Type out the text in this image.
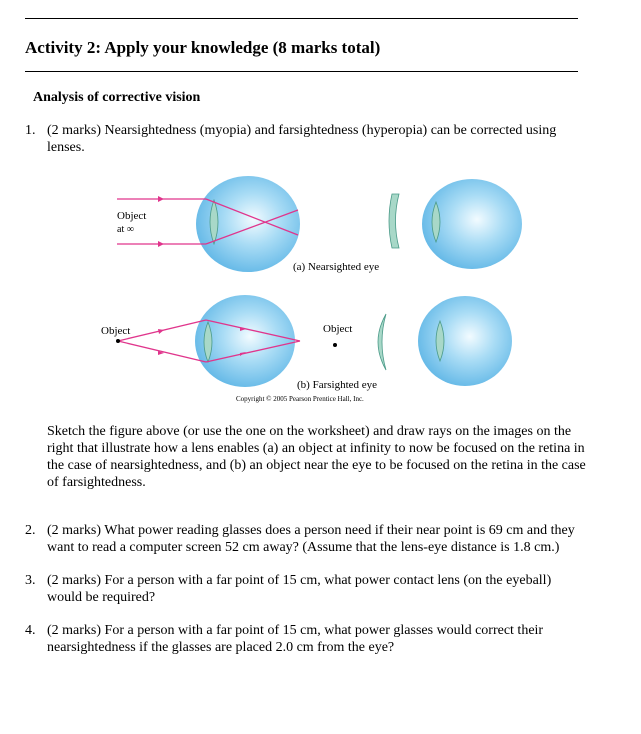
Activity 2: Apply your knowledge (8 marks total)
Analysis of corrective vision
1. (2 marks) Nearsightedness (myopia) and farsightedness (hyperopia) can be corrected using
lenses.
Object
at ∞
(a) Nearsighted eye
Object	Object
(b) Farsighted eye
Copyright © 2005 Pearson Prentice Hall, Inc.
Sketch the figure above (or use the one on the worksheet) and draw rays on the images on the
right that illustrate how a lens enables (a) an object at infinity to now be focused on the retina in
the case of nearsightedness, and (b) an object near the eye to be focused on the retina in the case
of farsightedness.
2. (2 marks) What power reading glasses does a person need if their near point is 69 cm and they
want to read a computer screen 52 cm away? (Assume that the lens-eye distance is 1.8 cm.)
3. (2 marks) For a person with a far point of 15 cm, what power contact lens (on the eyeball)
would be required?
4. (2 marks) For a person with a far point of 15 cm, what power glasses would correct their
nearsightedness if the glasses are placed 2.0 cm from the eye?
